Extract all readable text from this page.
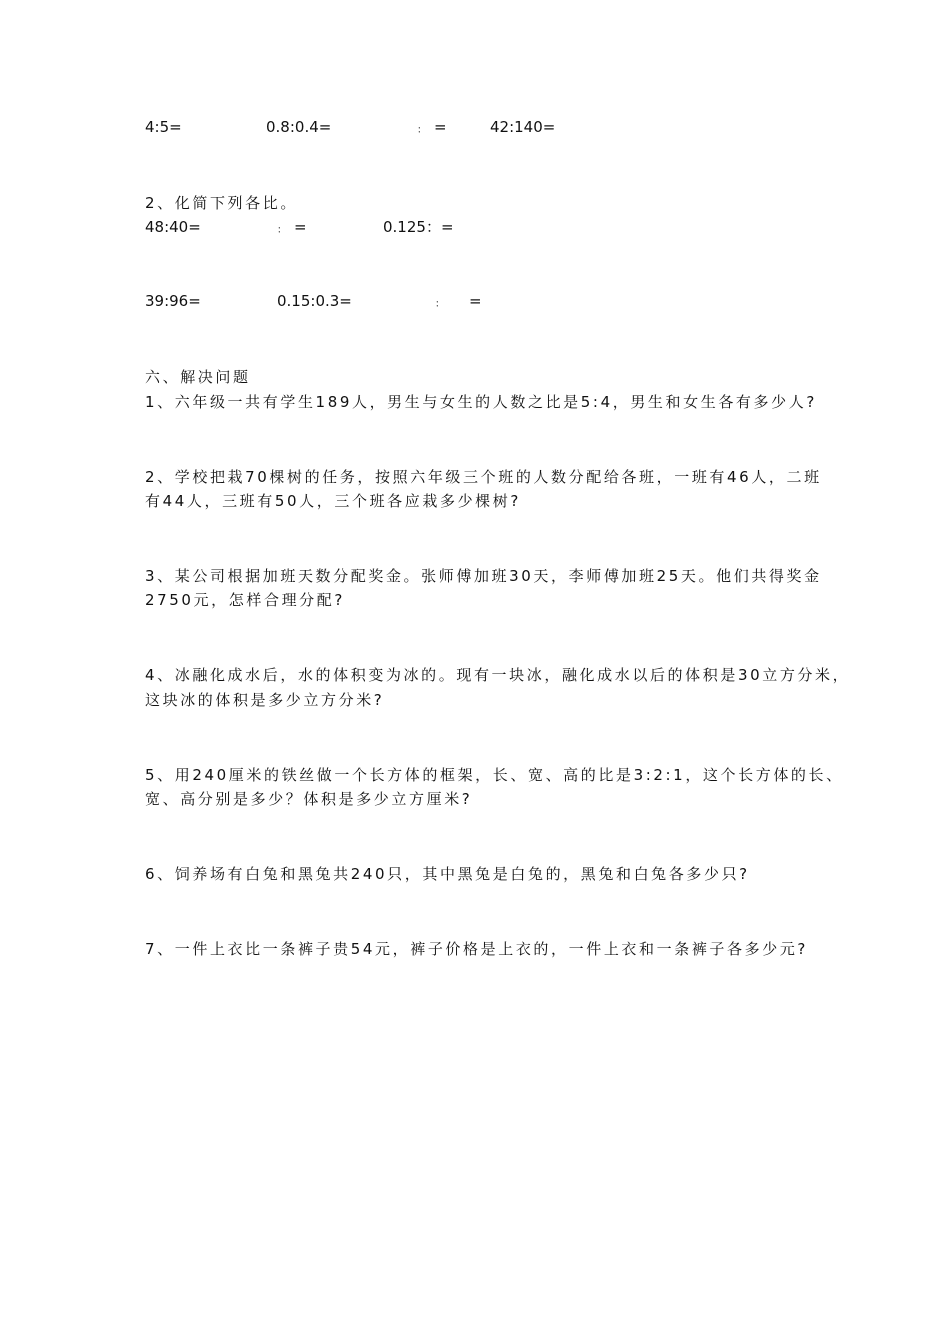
4:5=	0.8:0.4=	： =	42:140=
2、化简下列各比。
48:40=	： =	0.125：=
39:96=	0.15:0.3=	： =
六、解决问题
1、六年级一共有学生189人，男生与女生的人数之比是5:4，男生和女生各有多少人?
2、学校把栽70棵树的任务，按照六年级三个班的人数分配给各班，一班有46人，二班
有44人，三班有50人，三个班各应栽多少棵树?
3、某公司根据加班天数分配奖金。张师傅加班30天，李师傅加班25天。他们共得奖金
2750元，怎样合理分配?
4、冰融化成水后，水的体积变为冰的。现有一块冰，融化成水以后的体积是30立方分米，
这块冰的体积是多少立方分米?
5、用240厘米的铁丝做一个长方体的框架，长、宽、高的比是3:2:1，这个长方体的长、
宽、高分别是多少？体积是多少立方厘米?
6、饲养场有白兔和黑兔共240只，其中黑兔是白兔的，黑兔和白兔各多少只?
7、一件上衣比一条裤子贵54元，裤子价格是上衣的，一件上衣和一条裤子各多少元?
